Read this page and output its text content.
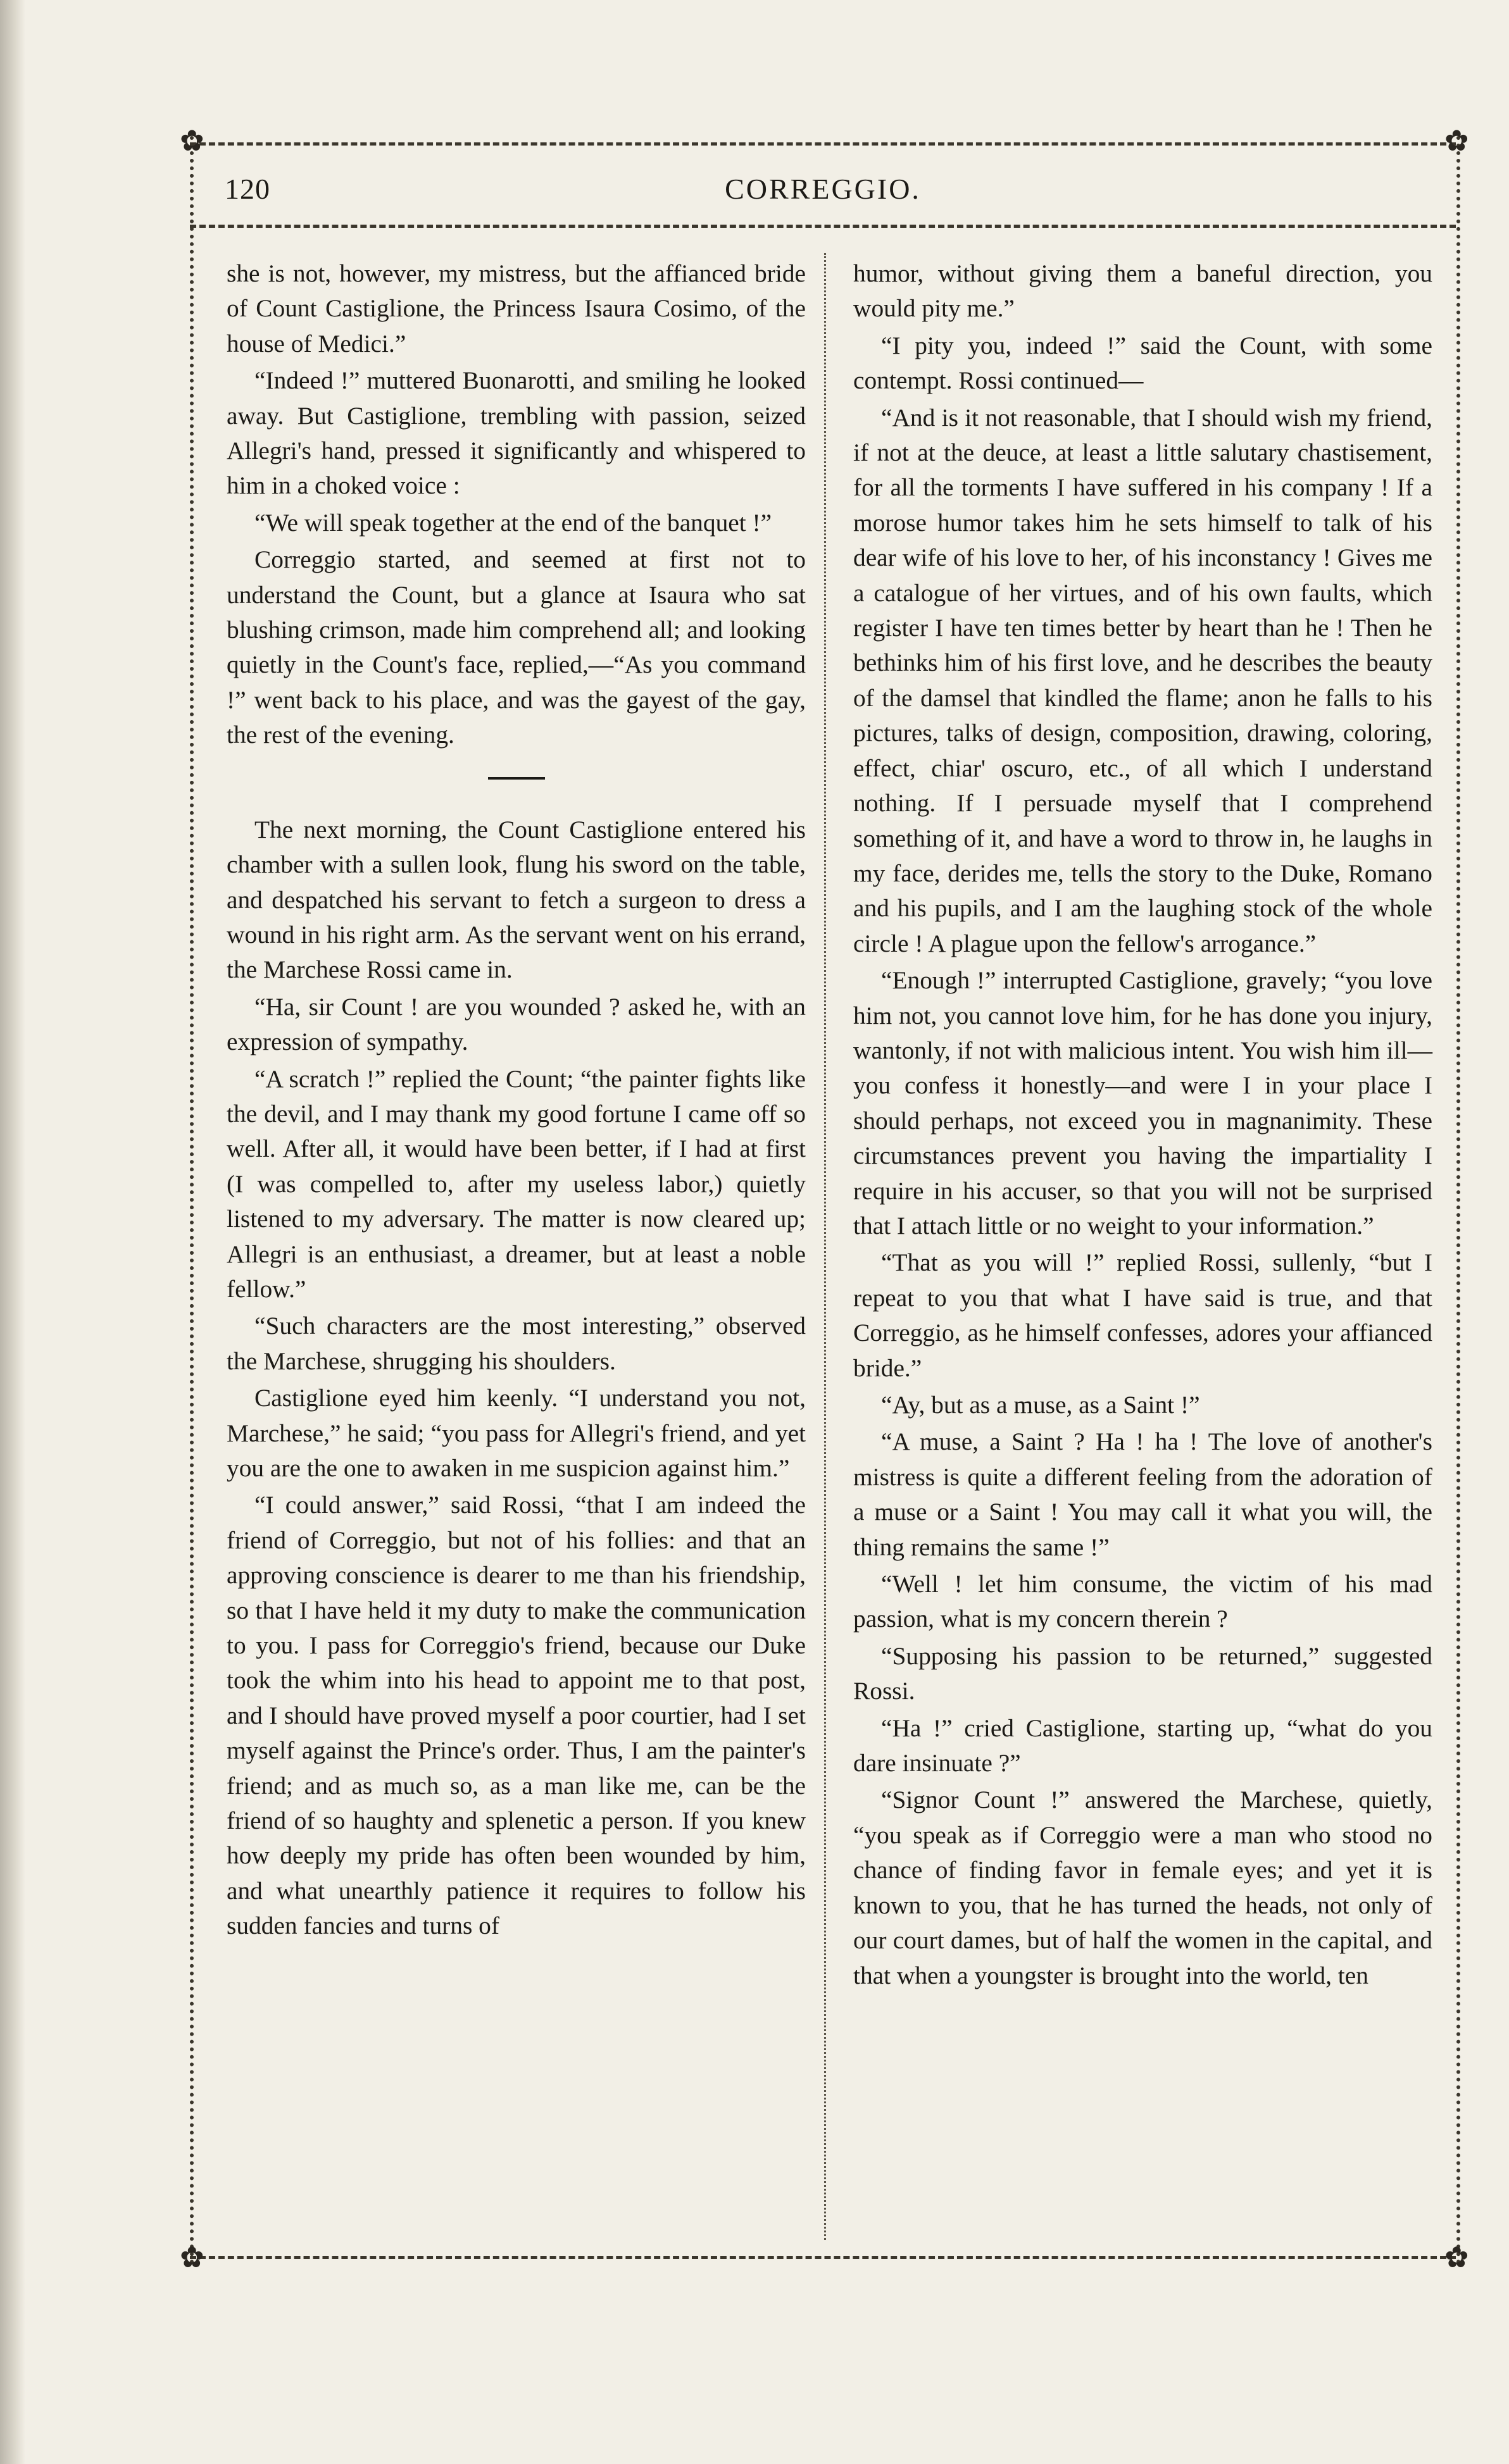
✿	✿
✿	✿
120	CORREGGIO.

she is not, however, my mistress, but the affianced bride of Count Castiglione, the Princess Isaura Cosimo, of the house of Medici.”

“Indeed !” muttered Buonarotti, and smiling he looked away. But Castiglione, trembling with passion, seized Allegri's hand, pressed it significantly and whispered to him in a choked voice :

“We will speak together at the end of the banquet !”

Correggio started, and seemed at first not to understand the Count, but a glance at Isaura who sat blushing crimson, made him comprehend all; and looking quietly in the Count's face, replied,—“As you command !” went back to his place, and was the gayest of the gay, the rest of the evening.

The next morning, the Count Castiglione entered his chamber with a sullen look, flung his sword on the table, and despatched his servant to fetch a surgeon to dress a wound in his right arm. As the servant went on his errand, the Marchese Rossi came in.

“Ha, sir Count ! are you wounded ? asked he, with an expression of sympathy.

“A scratch !” replied the Count; “the painter fights like the devil, and I may thank my good fortune I came off so well. After all, it would have been better, if I had at first (I was compelled to, after my useless labor,) quietly listened to my adversary. The matter is now cleared up; Allegri is an enthusiast, a dreamer, but at least a noble fellow.”

“Such characters are the most interesting,” observed the Marchese, shrugging his shoulders.

Castiglione eyed him keenly. “I understand you not, Marchese,” he said; “you pass for Allegri's friend, and yet you are the one to awaken in me suspicion against him.”

“I could answer,” said Rossi, “that I am indeed the friend of Correggio, but not of his follies: and that an approving conscience is dearer to me than his friendship, so that I have held it my duty to make the communication to you. I pass for Correggio's friend, because our Duke took the whim into his head to appoint me to that post, and I should have proved myself a poor courtier, had I set myself against the Prince's order. Thus, I am the painter's friend; and as much so, as a man like me, can be the friend of so haughty and splenetic a person. If you knew how deeply my pride has often been wounded by him, and what unearthly patience it requires to follow his sudden fancies and turns of

humor, without giving them a baneful direction, you would pity me.”

“I pity you, indeed !” said the Count, with some contempt. Rossi continued—

“And is it not reasonable, that I should wish my friend, if not at the deuce, at least a little salutary chastisement, for all the torments I have suffered in his company ! If a morose humor takes him he sets himself to talk of his dear wife of his love to her, of his inconstancy ! Gives me a catalogue of her virtues, and of his own faults, which register I have ten times better by heart than he ! Then he bethinks him of his first love, and he describes the beauty of the damsel that kindled the flame; anon he falls to his pictures, talks of design, composition, drawing, coloring, effect, chiar' oscuro, etc., of all which I understand nothing. If I persuade myself that I comprehend something of it, and have a word to throw in, he laughs in my face, derides me, tells the story to the Duke, Romano and his pupils, and I am the laughing stock of the whole circle ! A plague upon the fellow's arrogance.”

“Enough !” interrupted Castiglione, gravely; “you love him not, you cannot love him, for he has done you injury, wantonly, if not with malicious intent. You wish him ill—you confess it honestly—and were I in your place I should perhaps, not exceed you in magnanimity. These circumstances prevent you having the impartiality I require in his accuser, so that you will not be surprised that I attach little or no weight to your information.”

“That as you will !” replied Rossi, sullenly, “but I repeat to you that what I have said is true, and that Correggio, as he himself confesses, adores your affianced bride.”

“Ay, but as a muse, as a Saint !”

“A muse, a Saint ? Ha ! ha ! The love of another's mistress is quite a different feeling from the adoration of a muse or a Saint ! You may call it what you will, the thing remains the same !”

“Well ! let him consume, the victim of his mad passion, what is my concern therein ?

“Supposing his passion to be returned,” suggested Rossi.

“Ha !” cried Castiglione, starting up, “what do you dare insinuate ?”

“Signor Count !” answered the Marchese, quietly, “you speak as if Correggio were a man who stood no chance of finding favor in female eyes; and yet it is known to you, that he has turned the heads, not only of our court dames, but of half the women in the capital, and that when a youngster is brought into the world, ten
